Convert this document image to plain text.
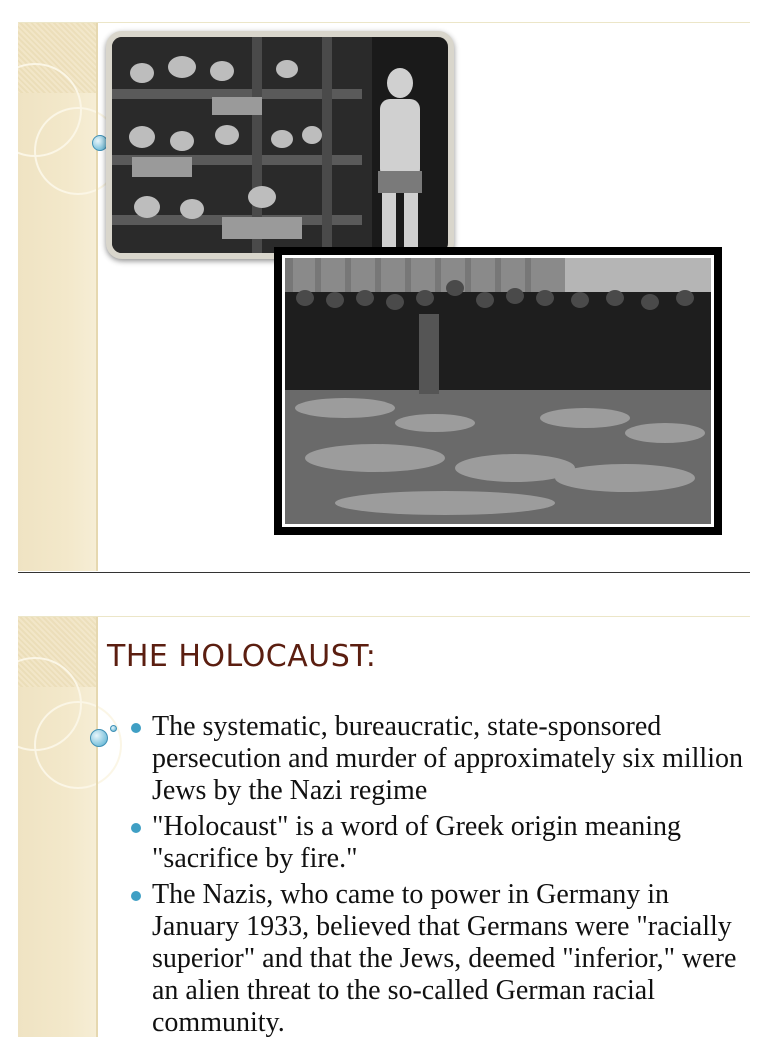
THE HOLOCAUST:
The systematic, bureaucratic, state-sponsored persecution and murder of approximately six million Jews by the Nazi regime
"Holocaust" is a word of Greek origin meaning "sacrifice by fire."
The Nazis, who came to power in Germany in January 1933, believed that Germans were "racially superior" and that the Jews, deemed "inferior," were an alien threat to the so-called German racial community.
